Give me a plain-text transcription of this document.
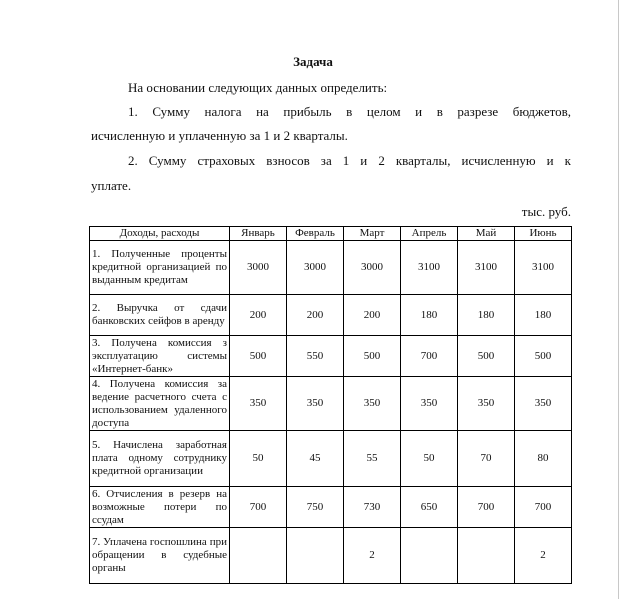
Задача
На основании следующих данных определить:
1. Сумму налога на прибыль в целом и в разрезе бюджетов,
исчисленную и уплаченную за 1 и 2 кварталы.
2. Сумму страховых взносов за 1 и 2 кварталы, исчисленную и к
уплате.
тыс. руб.
Доходы, расходы	Январь	Февраль	Март	Апрель	Май	Июнь
1. Полученные проценты кредитной организацией по выданным кредитам	3000	3000	3000	3100	3100	3100
2. Выручка от сдачи банковских сейфов в аренду	200	200	200	180	180	180
3. Получена комиссия з эксплуатацию системы «Интернет-банк»	500	550	500	700	500	500
4. Получена комиссия за ведение расчетного счета с использованием удаленного доступа	350	350	350	350	350	350
5. Начислена заработная плата одному сотруднику кредитной организации	50	45	55	50	70	80
6. Отчисления в резерв на возможные потери по ссудам	700	750	730	650	700	700
7. Уплачена госпошлина при обращении в судебные органы			2			2
